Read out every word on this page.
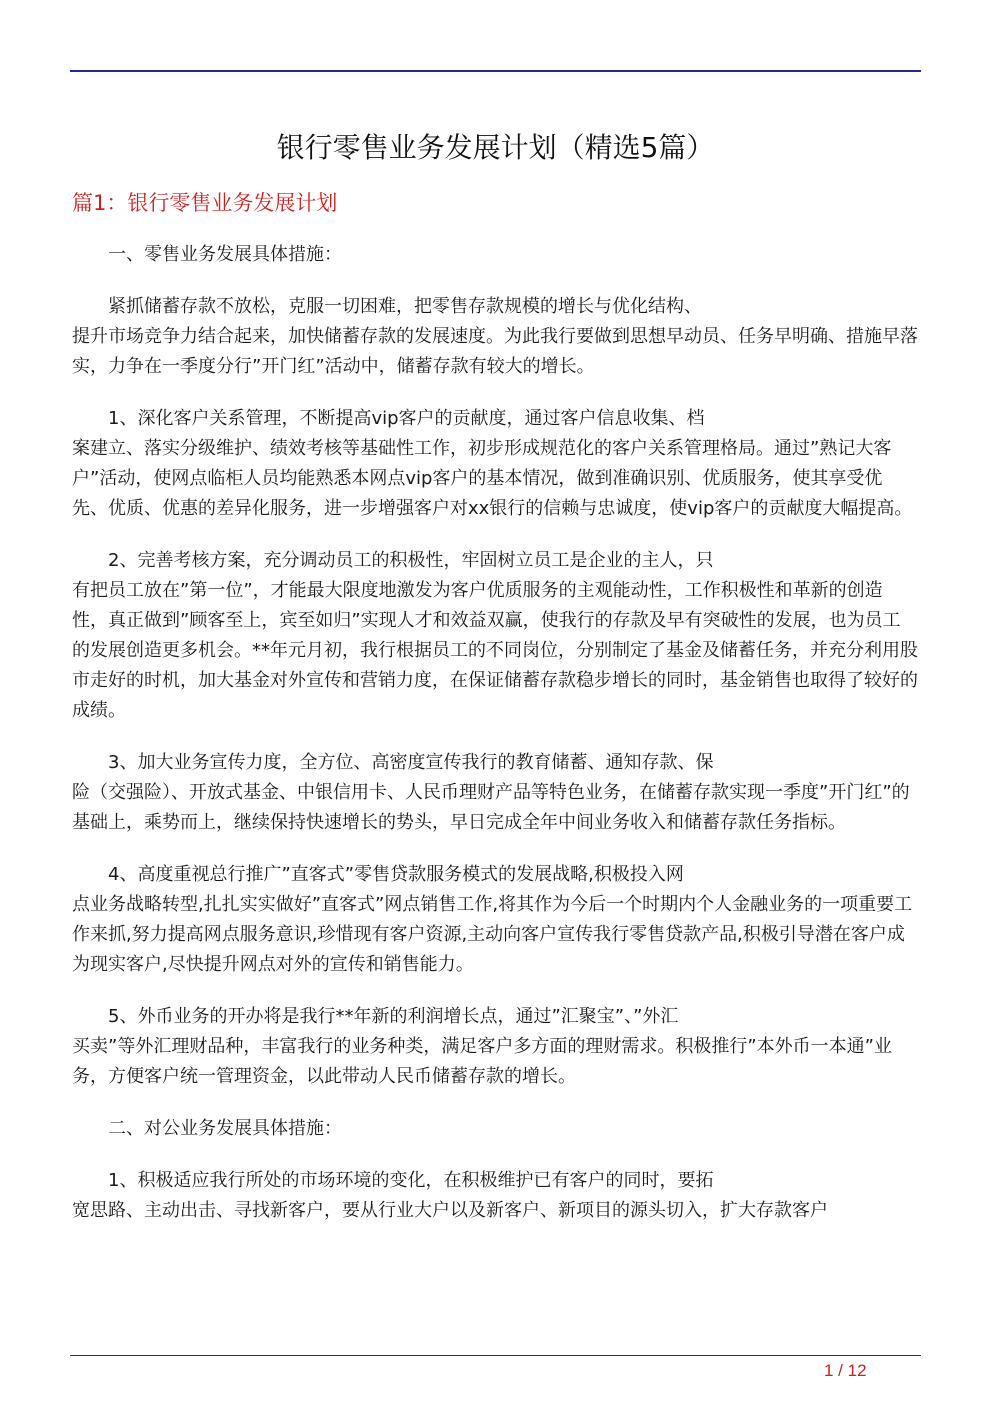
银行零售业务发展计划（精选5篇）
篇1：银行零售业务发展计划

一、零售业务发展具体措施：

紧抓储蓄存款不放松，克服一切困难，把零售存款规模的增长与优化结构、
提升市场竞争力结合起来，加快储蓄存款的发展速度。为此我行要做到思想早动员、任务早明确、措施早落实，力争在一季度分行”开门红”活动中，储蓄存款有较大的增长。

1、深化客户关系管理，不断提高vip客户的贡献度，通过客户信息收集、档
案建立、落实分级维护、绩效考核等基础性工作，初步形成规范化的客户关系管理格局。通过”熟记大客户”活动，使网点临柜人员均能熟悉本网点vip客户的基本情况，做到准确识别、优质服务，使其享受优先、优质、优惠的差异化服务，进一步增强客户对xx银行的信赖与忠诚度，使vip客户的贡献度大幅提高。

2、完善考核方案，充分调动员工的积极性，牢固树立员工是企业的主人，只
有把员工放在”第一位”，才能最大限度地激发为客户优质服务的主观能动性，工作积极性和革新的创造性，真正做到”顾客至上，宾至如归”实现人才和效益双赢，使我行的存款及早有突破性的发展，也为员工的发展创造更多机会。**年元月初，我行根据员工的不同岗位，分别制定了基金及储蓄任务，并充分利用股市走好的时机，加大基金对外宣传和营销力度，在保证储蓄存款稳步增长的同时，基金销售也取得了较好的成绩。

3、加大业务宣传力度，全方位、高密度宣传我行的教育储蓄、通知存款、保
险（交强险）、开放式基金、中银信用卡、人民币理财产品等特色业务，在储蓄存款实现一季度”开门红”的基础上，乘势而上，继续保持快速增长的势头，早日完成全年中间业务收入和储蓄存款任务指标。

4、高度重视总行推广”直客式”零售贷款服务模式的发展战略,积极投入网
点业务战略转型,扎扎实实做好”直客式”网点销售工作,将其作为今后一个时期内个人金融业务的一项重要工作来抓,努力提高网点服务意识,珍惜现有客户资源,主动向客户宣传我行零售贷款产品,积极引导潜在客户成为现实客户,尽快提升网点对外的宣传和销售能力。

5、外币业务的开办将是我行**年新的利润增长点，通过”汇聚宝”、”外汇
买卖”等外汇理财品种，丰富我行的业务种类，满足客户多方面的理财需求。积极推行”本外币一本通”业务，方便客户统一管理资金，以此带动人民币储蓄存款的增长。

二、对公业务发展具体措施：

1、积极适应我行所处的市场环境的变化，在积极维护已有客户的同时，要拓
宽思路、主动出击、寻找新客户，要从行业大户以及新客户、新项目的源头切入，扩大存款客户

1 / 12
